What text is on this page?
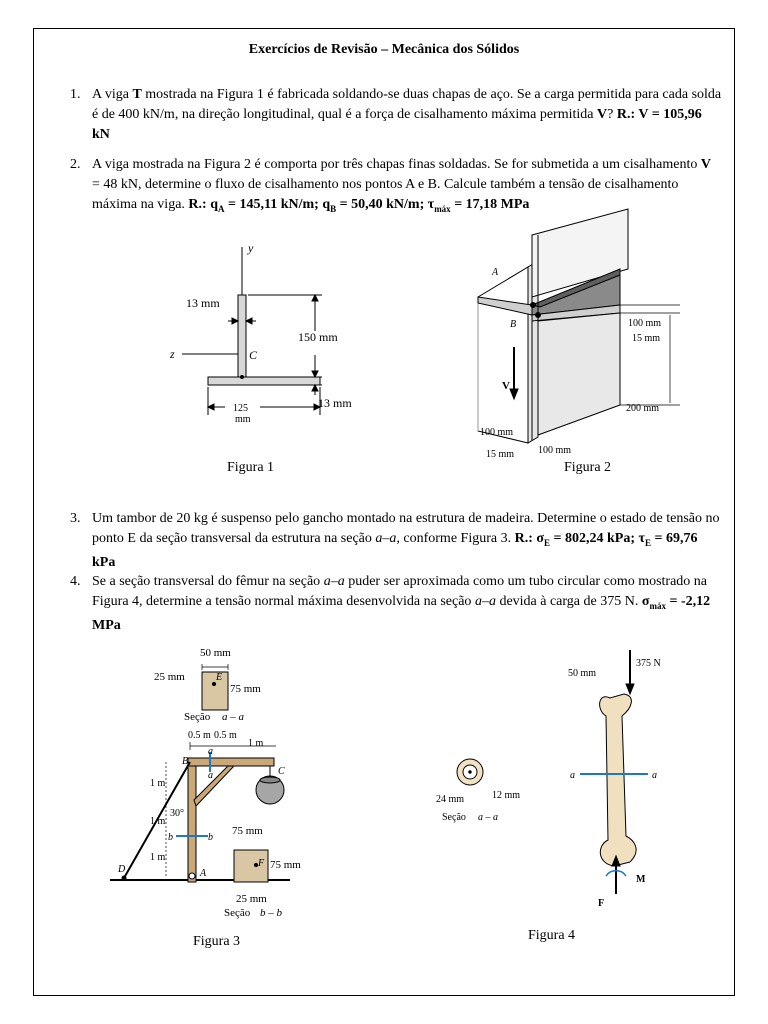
Exercícios de Revisão – Mecânica dos Sólidos
1. A viga T mostrada na Figura 1 é fabricada soldando-se duas chapas de aço. Se a carga permitida para cada solda é de 400 kN/m, na direção longitudinal, qual é a força de cisalhamento máxima permitida V? R.: V = 105,96 kN
2. A viga mostrada na Figura 2 é comporta por três chapas finas soldadas. Se for submetida a um cisalhamento V = 48 kN, determine o fluxo de cisalhamento nos pontos A e B. Calcule também a tensão de cisalhamento máxima na viga. R.: $q_A = 145,11$ kN/m; $q_B = 50,40$ kN/m; $\tau_{máx} = 17,18$ MPa
y
z	C
13 mm
150 mm
13 mm
125
mm
Figura 1
A
B
V
100 mm
15 mm
200 mm
100 mm
100 mm
15 mm
Figura 2
3. Um tambor de 20 kg é suspenso pelo gancho montado na estrutura de madeira. Determine o estado de tensão no ponto E da seção transversal da estrutura na seção a–a, conforme Figura 3. R.: $\sigma_E = 802,24$ kPa; $\tau_E = 69,76$ kPa
4. Se a seção transversal do fêmur na seção a–a puder ser aproximada como um tubo circular como mostrado na Figura 4, determine a tensão normal máxima desenvolvida na seção a–a devida à carga de 375 N. $\sigma_{máx} = -2,12$ MPa
50 mm
25 mm
75 mm
E
Seção a – a
0.5 m 0.5 m
1 m
B
C
a
a
1 m
1 m
1 m
30°
b	b
75 mm
75 mm
F
25 mm
Seção b – b
D	A
Figura 3
24 mm	12 mm
Seção a – a
50 mm
375 N
a	a
M
F
Figura 4
